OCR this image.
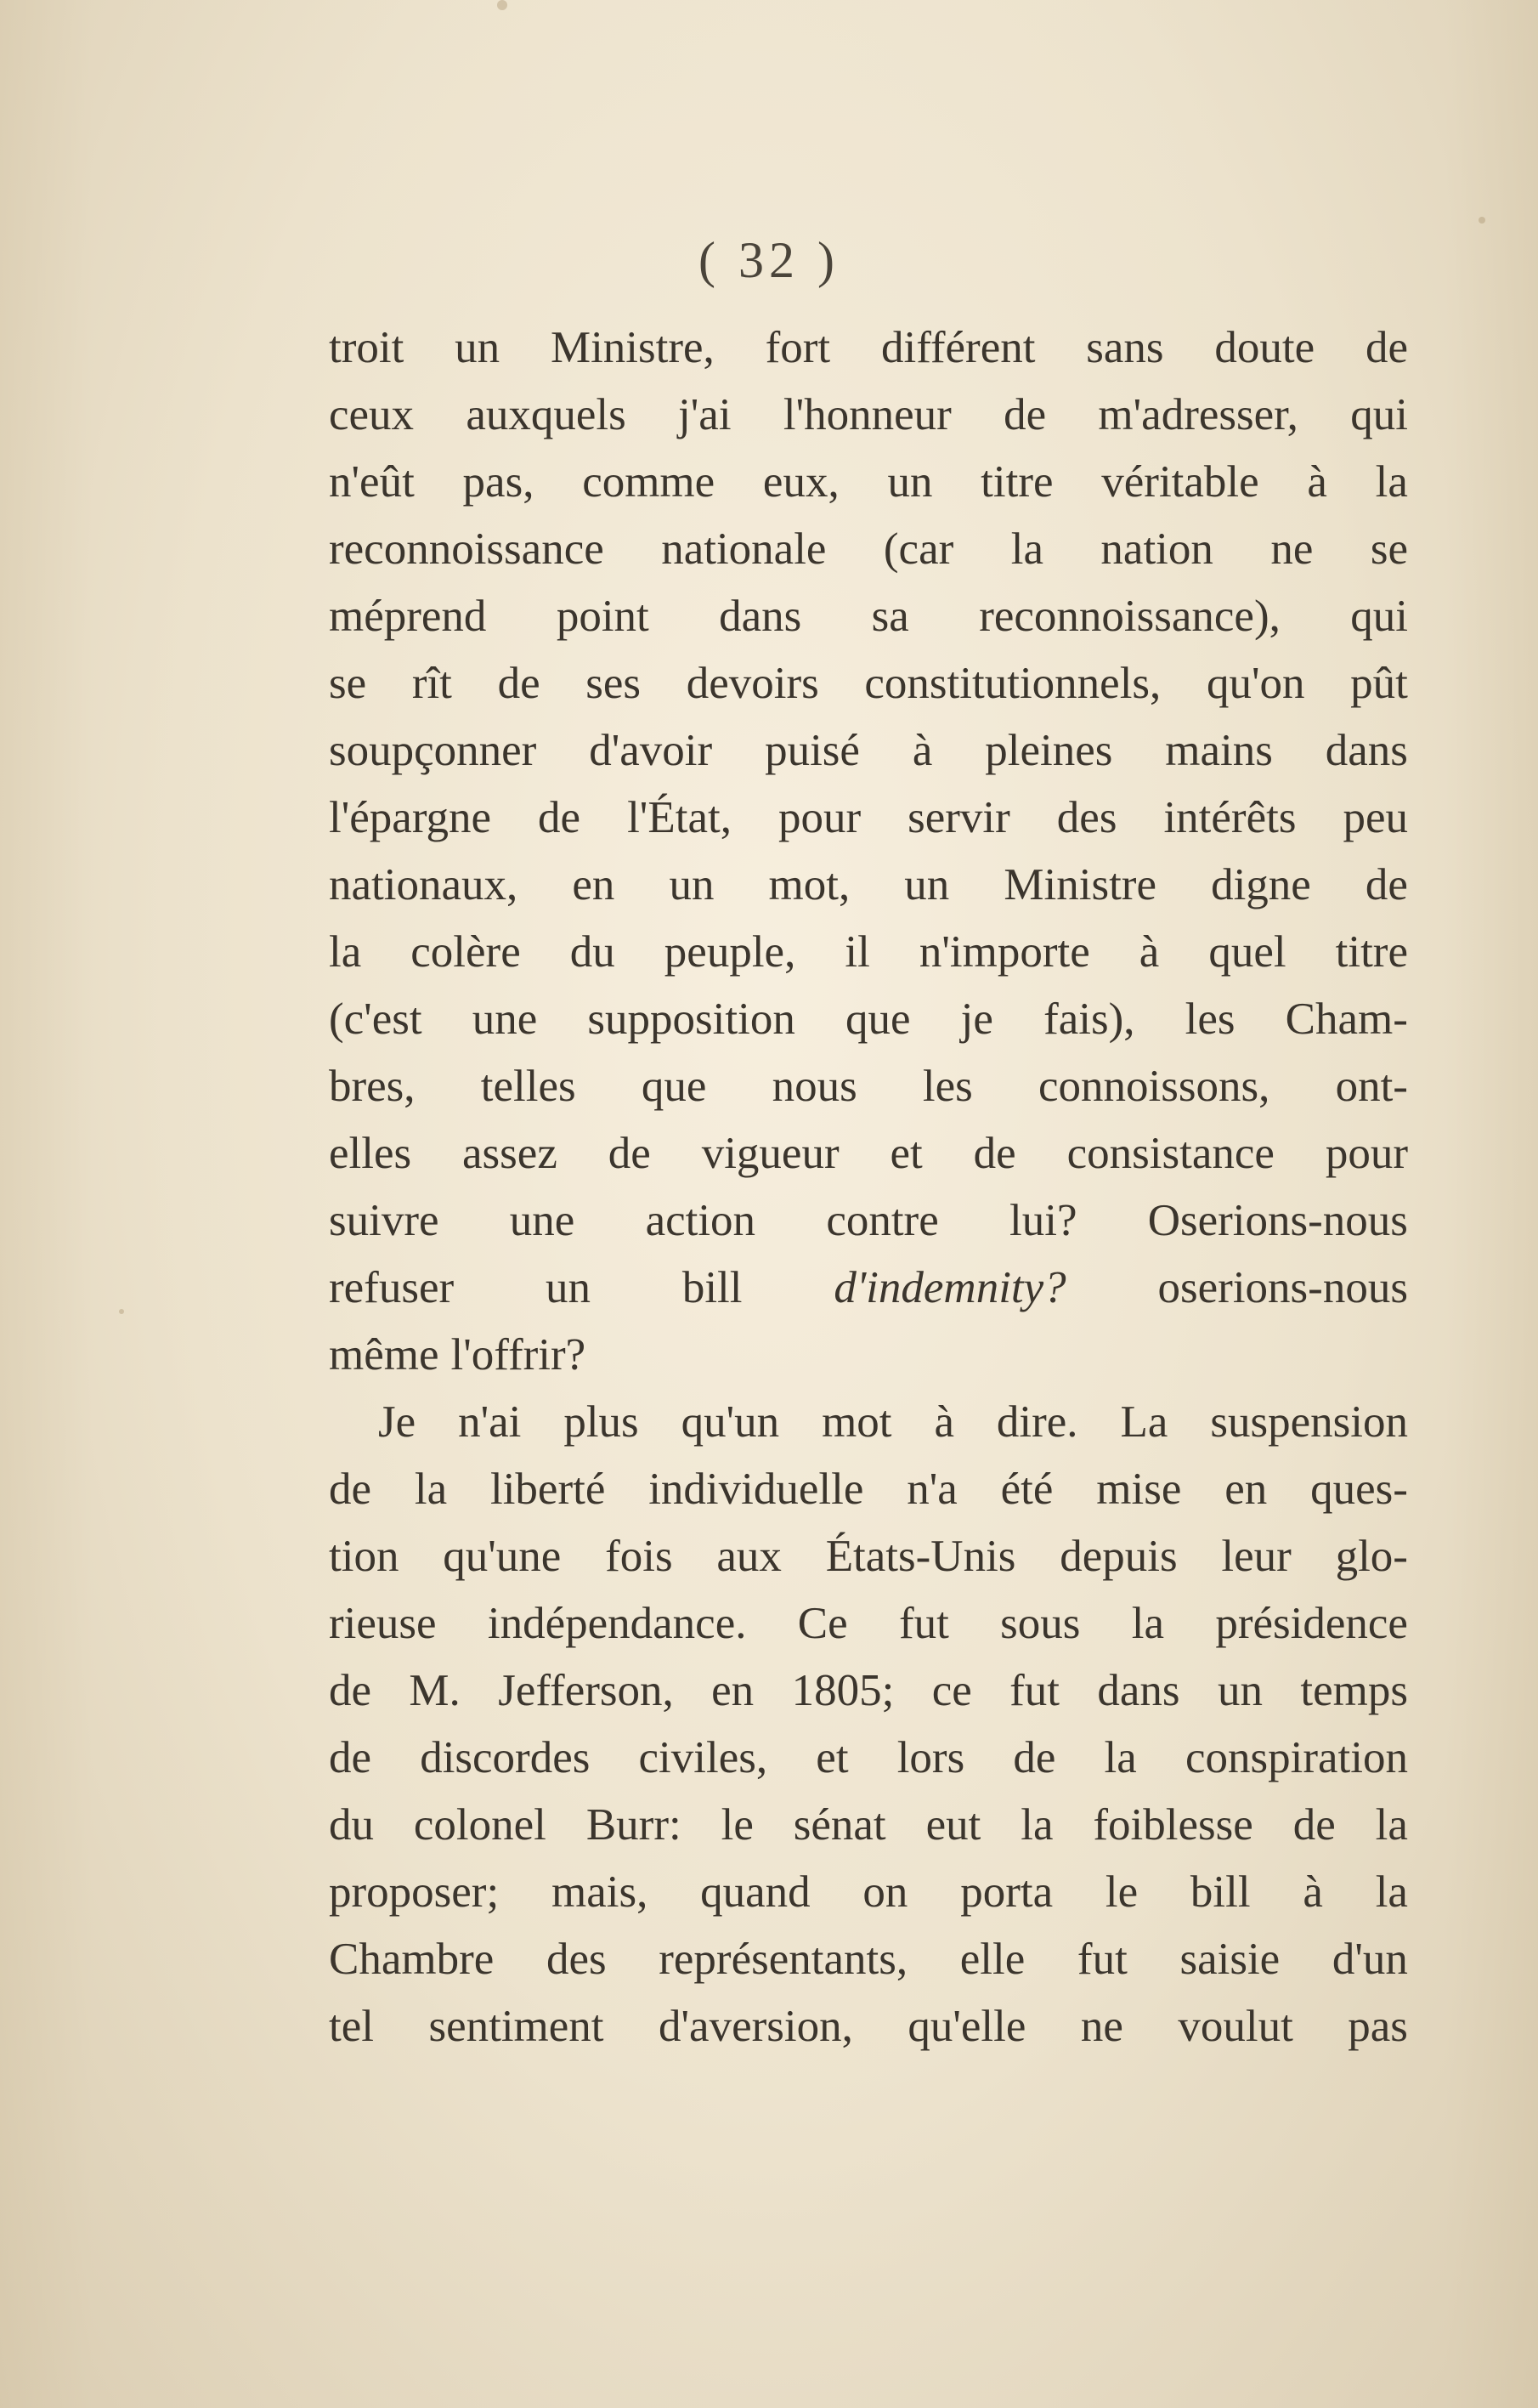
( 32 )
troit un Ministre, fort différent sans doute de
ceux auxquels j'ai l'honneur de m'adresser, qui
n'eût pas, comme eux, un titre véritable à la
reconnoissance nationale (car la nation ne se
méprend point dans sa reconnoissance), qui
se rît de ses devoirs constitutionnels, qu'on pût
soupçonner d'avoir puisé à pleines mains dans
l'épargne de l'État, pour servir des intérêts peu
nationaux, en un mot, un Ministre digne de
la colère du peuple, il n'importe à quel titre
(c'est une supposition que je fais), les Cham-
bres, telles que nous les connoissons, ont-
elles assez de vigueur et de consistance pour
suivre une action contre lui? Oserions-nous
refuser un bill d'indemnity? oserions-nous
même l'offrir?
Je n'ai plus qu'un mot à dire. La suspension
de la liberté individuelle n'a été mise en ques-
tion qu'une fois aux États-Unis depuis leur glo-
rieuse indépendance. Ce fut sous la présidence
de M. Jefferson, en 1805; ce fut dans un temps
de discordes civiles, et lors de la conspiration
du colonel Burr: le sénat eut la foiblesse de la
proposer; mais, quand on porta le bill à la
Chambre des représentants, elle fut saisie d'un
tel sentiment d'aversion, qu'elle ne voulut pas
